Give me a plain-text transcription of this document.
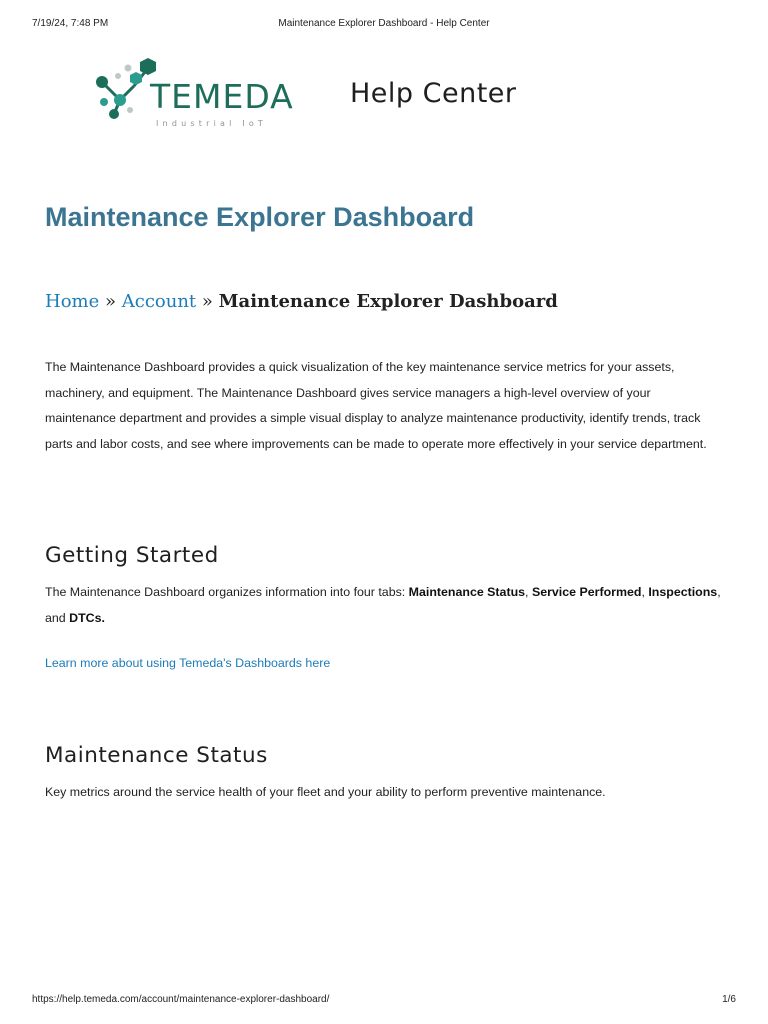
7/19/24, 7:48 PM	Maintenance Explorer Dashboard - Help Center
TEMEDA
Industrial IoT
Help Center
Maintenance Explorer Dashboard
Home » Account » Maintenance Explorer Dashboard

The Maintenance Dashboard provides a quick visualization of the key maintenance service metrics for your assets, machinery, and equipment. The Maintenance Dashboard gives service managers a high-level overview of your maintenance department and provides a simple visual display to analyze maintenance productivity, identify trends, track parts and labor costs, and see where improvements can be made to operate more effectively in your service department.

Getting Started

The Maintenance Dashboard organizes information into four tabs: Maintenance Status, Service Performed, Inspections, and DTCs.

Learn more about using Temeda's Dashboards here
Maintenance Status

Key metrics around the service health of your fleet and your ability to perform preventive maintenance.

https://help.temeda.com/account/maintenance-explorer-dashboard/	1/6
